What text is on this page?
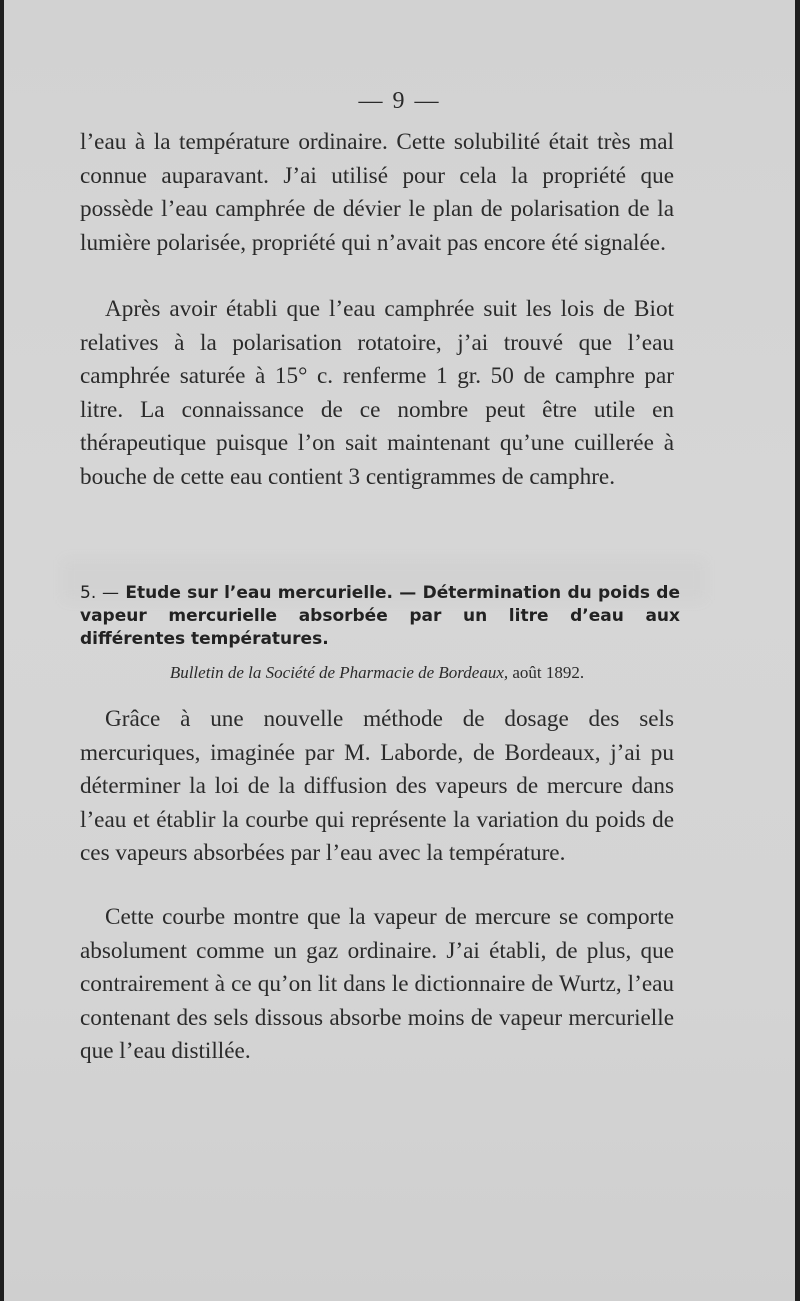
— 9 —

l’eau à la température ordinaire. Cette solubilité était très mal connue auparavant. J’ai utilisé pour cela la propriété que possède l’eau camphrée de dévier le plan de polarisation de la lumière polarisée, propriété qui n’avait pas encore été signalée.

Après avoir établi que l’eau camphrée suit les lois de Biot relatives à la polarisation rotatoire, j’ai trouvé que l’eau camphrée saturée à 15° c. renferme 1 gr. 50 de camphre par litre. La connaissance de ce nombre peut être utile en thérapeutique puisque l’on sait maintenant qu’une cuillerée à bouche de cette eau contient 3 centigrammes de camphre.

5. — Etude sur l’eau mercurielle. — Détermination du poids de vapeur mercurielle absorbée par un litre d’eau aux différentes températures.
Bulletin de la Société de Pharmacie de Bordeaux, août 1892.

Grâce à une nouvelle méthode de dosage des sels mercuriques, imaginée par M. Laborde, de Bordeaux, j’ai pu déterminer la loi de la diffusion des vapeurs de mercure dans l’eau et établir la courbe qui représente la variation du poids de ces vapeurs absorbées par l’eau avec la température.

Cette courbe montre que la vapeur de mercure se comporte absolument comme un gaz ordinaire. J’ai établi, de plus, que contrairement à ce qu’on lit dans le dictionnaire de Wurtz, l’eau contenant des sels dissous absorbe moins de vapeur mercurielle que l’eau distillée.
